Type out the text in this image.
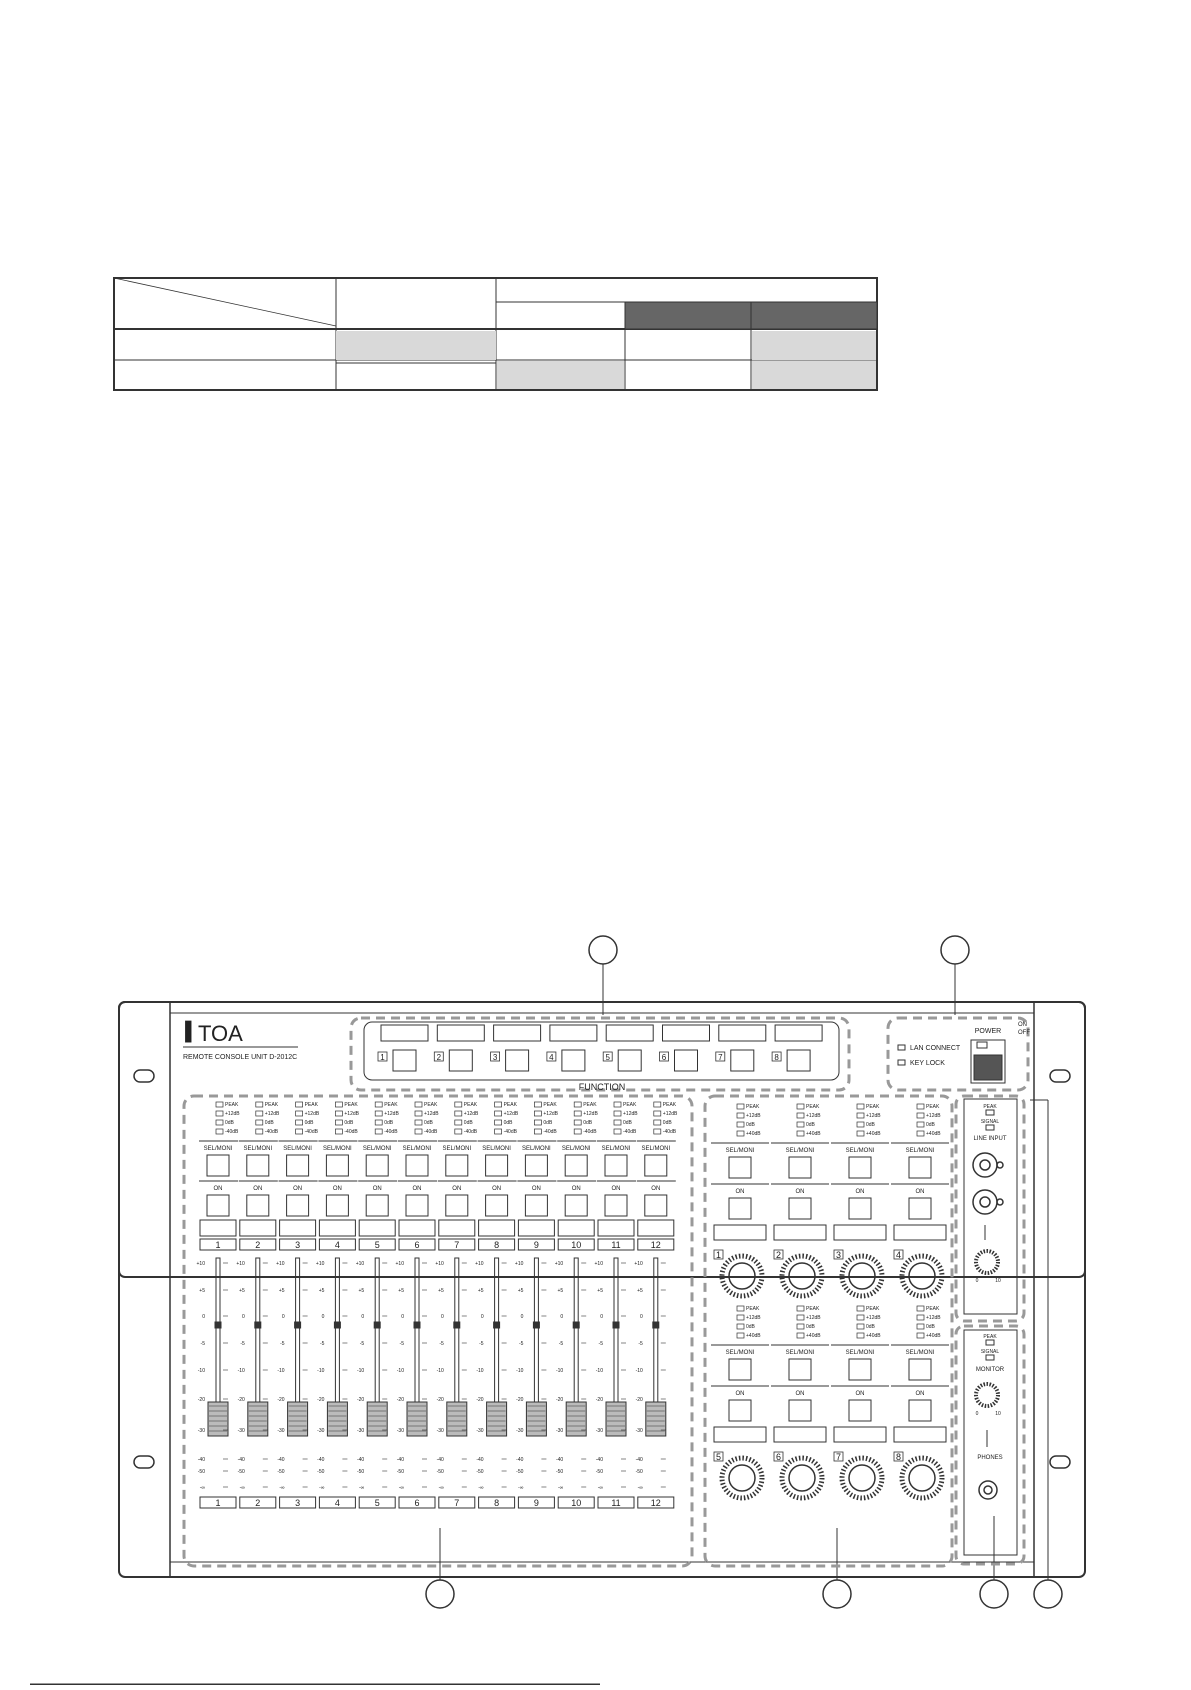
▐ TOA
REMOTE CONSOLE UNIT D-2012C	1	2	3	4	5	6	7	8
FUNCTION
POWER
ON
OFF
LAN CONNECT
KEY LOCK
PEAK
+12dB
0dB
-40dB
SEL/MONI
ON
1
+10
+5
0
-5
-10
-20
-30
-40
-50
-∞
1
PEAK
+12dB
0dB
-40dB
SEL/MONI
ON
2
+10
+5
0
-5
-10
-20
-30
-40
-50
-∞
2
PEAK
+12dB
0dB
-40dB
SEL/MONI
ON
3
+10
+5
0
-5
-10
-20
-30
-40
-50
-∞
3
PEAK
+12dB
0dB
-40dB
SEL/MONI
ON
4
+10
+5
0
-5
-10
-20
-30
-40
-50
-∞
4
PEAK
+12dB
0dB
-40dB
SEL/MONI
ON
5
+10
+5
0
-5
-10
-20
-30
-40
-50
-∞
5
PEAK
+12dB
0dB
-40dB
SEL/MONI
ON
6
+10
+5
0
-5
-10
-20
-30
-40
-50
-∞
6
PEAK
+12dB
0dB
-40dB
SEL/MONI
ON
7
+10
+5
0
-5
-10
-20
-30
-40
-50
-∞
7
PEAK
+12dB
0dB
-40dB
SEL/MONI
ON
8
+10
+5
0
-5
-10
-20
-30
-40
-50
-∞
8
PEAK
+12dB
0dB
-40dB
SEL/MONI
ON
9
+10
+5
0
-5
-10
-20
-30
-40
-50
-∞
9
PEAK
+12dB
0dB
-40dB
SEL/MONI
ON
10
+10
+5
0
-5
-10
-20
-30
-40
-50
-∞
10
PEAK
+12dB
0dB
-40dB
SEL/MONI
ON
11
+10
+5
0
-5
-10
-20
-30
-40
-50
-∞
11
PEAK
+12dB
0dB
-40dB
SEL/MONI
ON
12
+10
+5
0
-5
-10
-20
-30
-40
-50
-∞
12
PEAK
+12dB
0dB
+40dB
SEL/MONI
ON
1
PEAK
+12dB
0dB
+40dB
SEL/MONI
ON
2
PEAK
+12dB
0dB
+40dB
SEL/MONI
ON
3
PEAK
+12dB
0dB
+40dB
SEL/MONI
ON
4
PEAK
+12dB
0dB
+40dB
SEL/MONI
ON
5
PEAK
+12dB
0dB
+40dB
SEL/MONI
ON
6
PEAK
+12dB
0dB
+40dB
SEL/MONI
ON
7
PEAK
+12dB
0dB
+40dB
SEL/MONI
ON
8
PEAK
SIGNAL
LINE INPUT
0	10
PEAK
SIGNAL
MONITOR
0	10
PHONES
